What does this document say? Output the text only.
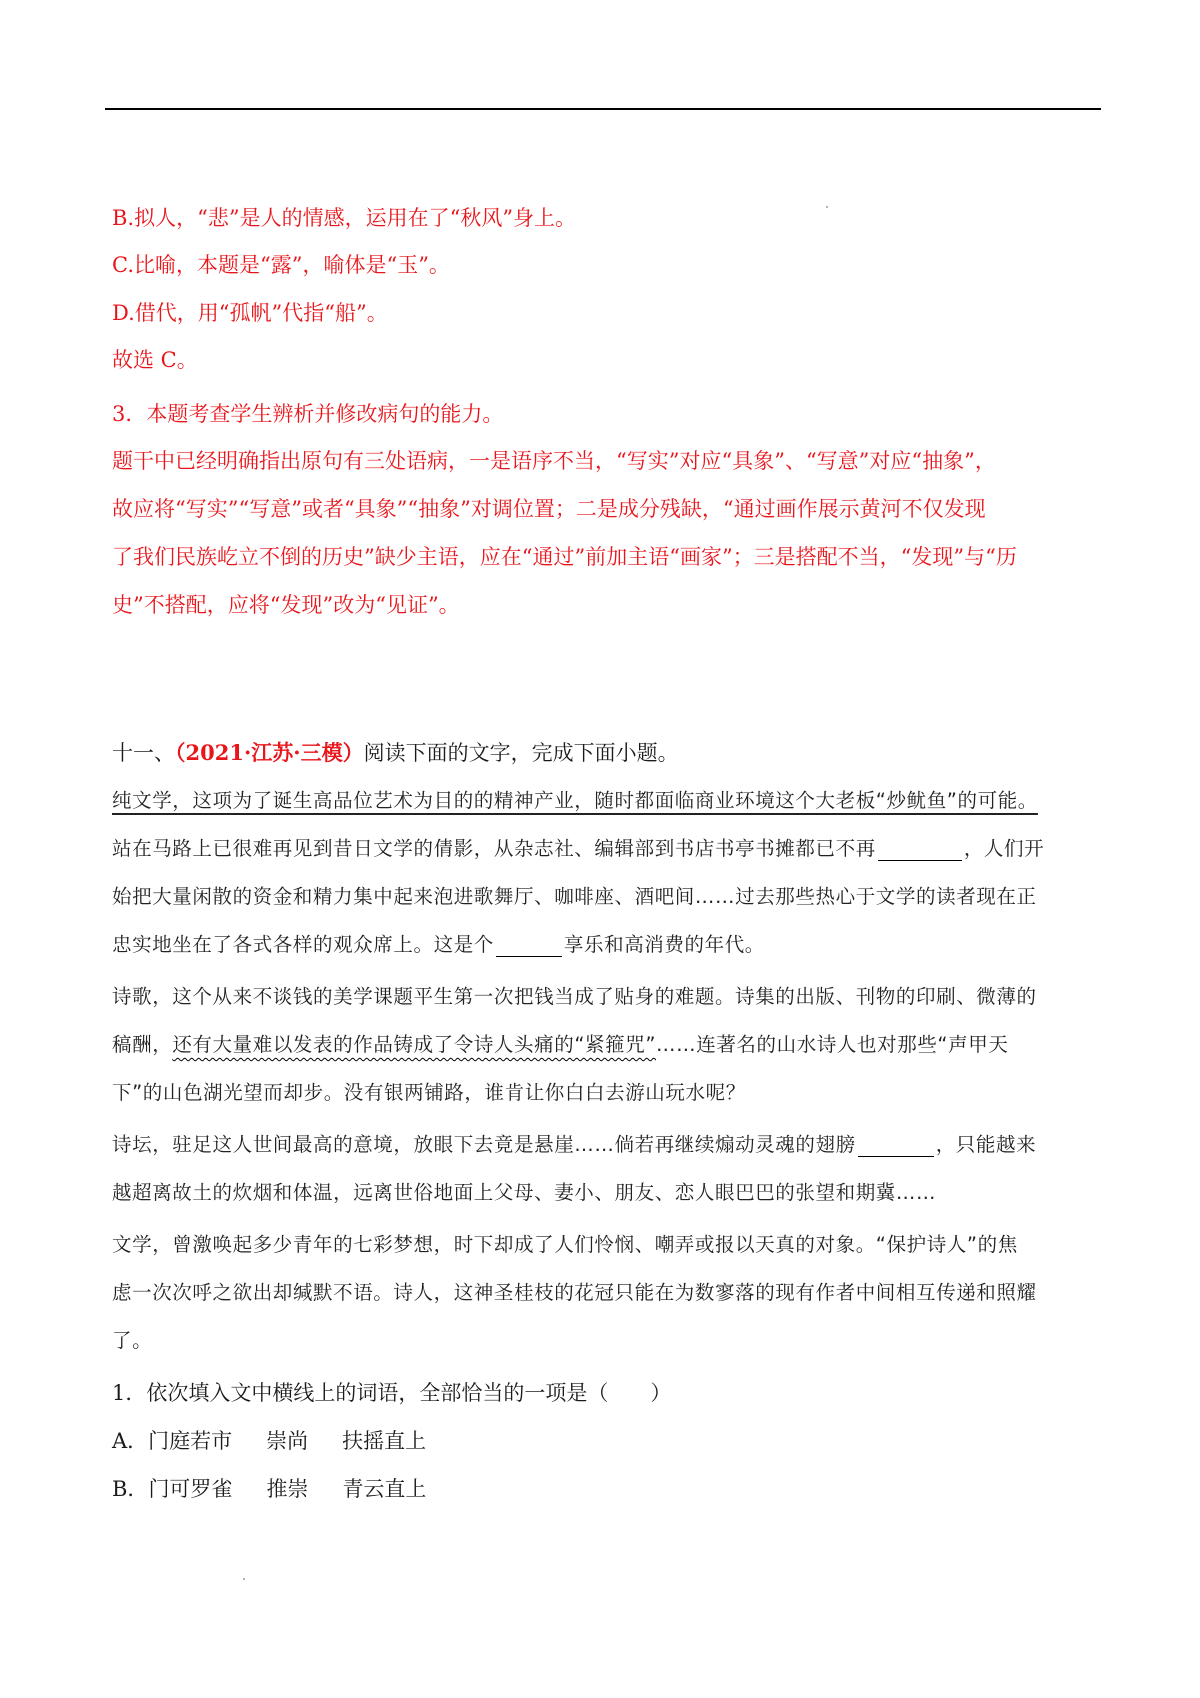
B.拟人，“悲”是人的情感，运用在了“秋风”身上。
C.比喻，本题是“露”，喻体是“玉”。
D.借代，用“孤帆”代指“船”。
故选 C。
3．本题考查学生辨析并修改病句的能力。
题干中已经明确指出原句有三处语病，一是语序不当，“写实”对应“具象”、“写意”对应“抽象”，
故应将“写实”“写意”或者“具象”“抽象”对调位置；二是成分残缺，“通过画作展示黄河不仅发现
了我们民族屹立不倒的历史”缺少主语，应在“通过”前加主语“画家”；三是搭配不当，“发现”与“历
史”不搭配，应将“发现”改为“见证”。
十一、（2021·江苏·三模）阅读下面的文字，完成下面小题。
纯文学，这项为了诞生高品位艺术为目的的精神产业，随时都面临商业环境这个大老板“炒鱿鱼”的可能。
站在马路上已很难再见到昔日文学的倩影，从杂志社、编辑部到书店书亭书摊都已不再	，人们开
始把大量闲散的资金和精力集中起来泡进歌舞厅、咖啡座、酒吧间……过去那些热心于文学的读者现在正
忠实地坐在了各式各样的观众席上。这是个	享乐和高消费的年代。
诗歌，这个从来不谈钱的美学课题平生第一次把钱当成了贴身的难题。诗集的出版、刊物的印刷、微薄的
稿酬，还有大量难以发表的作品铸成了令诗人头痛的“紧箍咒”……连著名的山水诗人也对那些“声甲天
下”的山色湖光望而却步。没有银两铺路，谁肯让你白白去游山玩水呢？
诗坛，驻足这人世间最高的意境，放眼下去竟是悬崖……倘若再继续煽动灵魂的翅膀	，只能越来
越超离故土的炊烟和体温，远离世俗地面上父母、妻小、朋友、恋人眼巴巴的张望和期冀……
文学，曾激唤起多少青年的七彩梦想，时下却成了人们怜悯、嘲弄或报以天真的对象。“保护诗人”的焦
虑一次次呼之欲出却缄默不语。诗人，这神圣桂枝的花冠只能在为数寥落的现有作者中间相互传递和照耀
了。
1．依次填入文中横线上的词语，全部恰当的一项是（　　）
A．门庭若市 崇尚 扶摇直上
B．门可罗雀 推崇 青云直上
